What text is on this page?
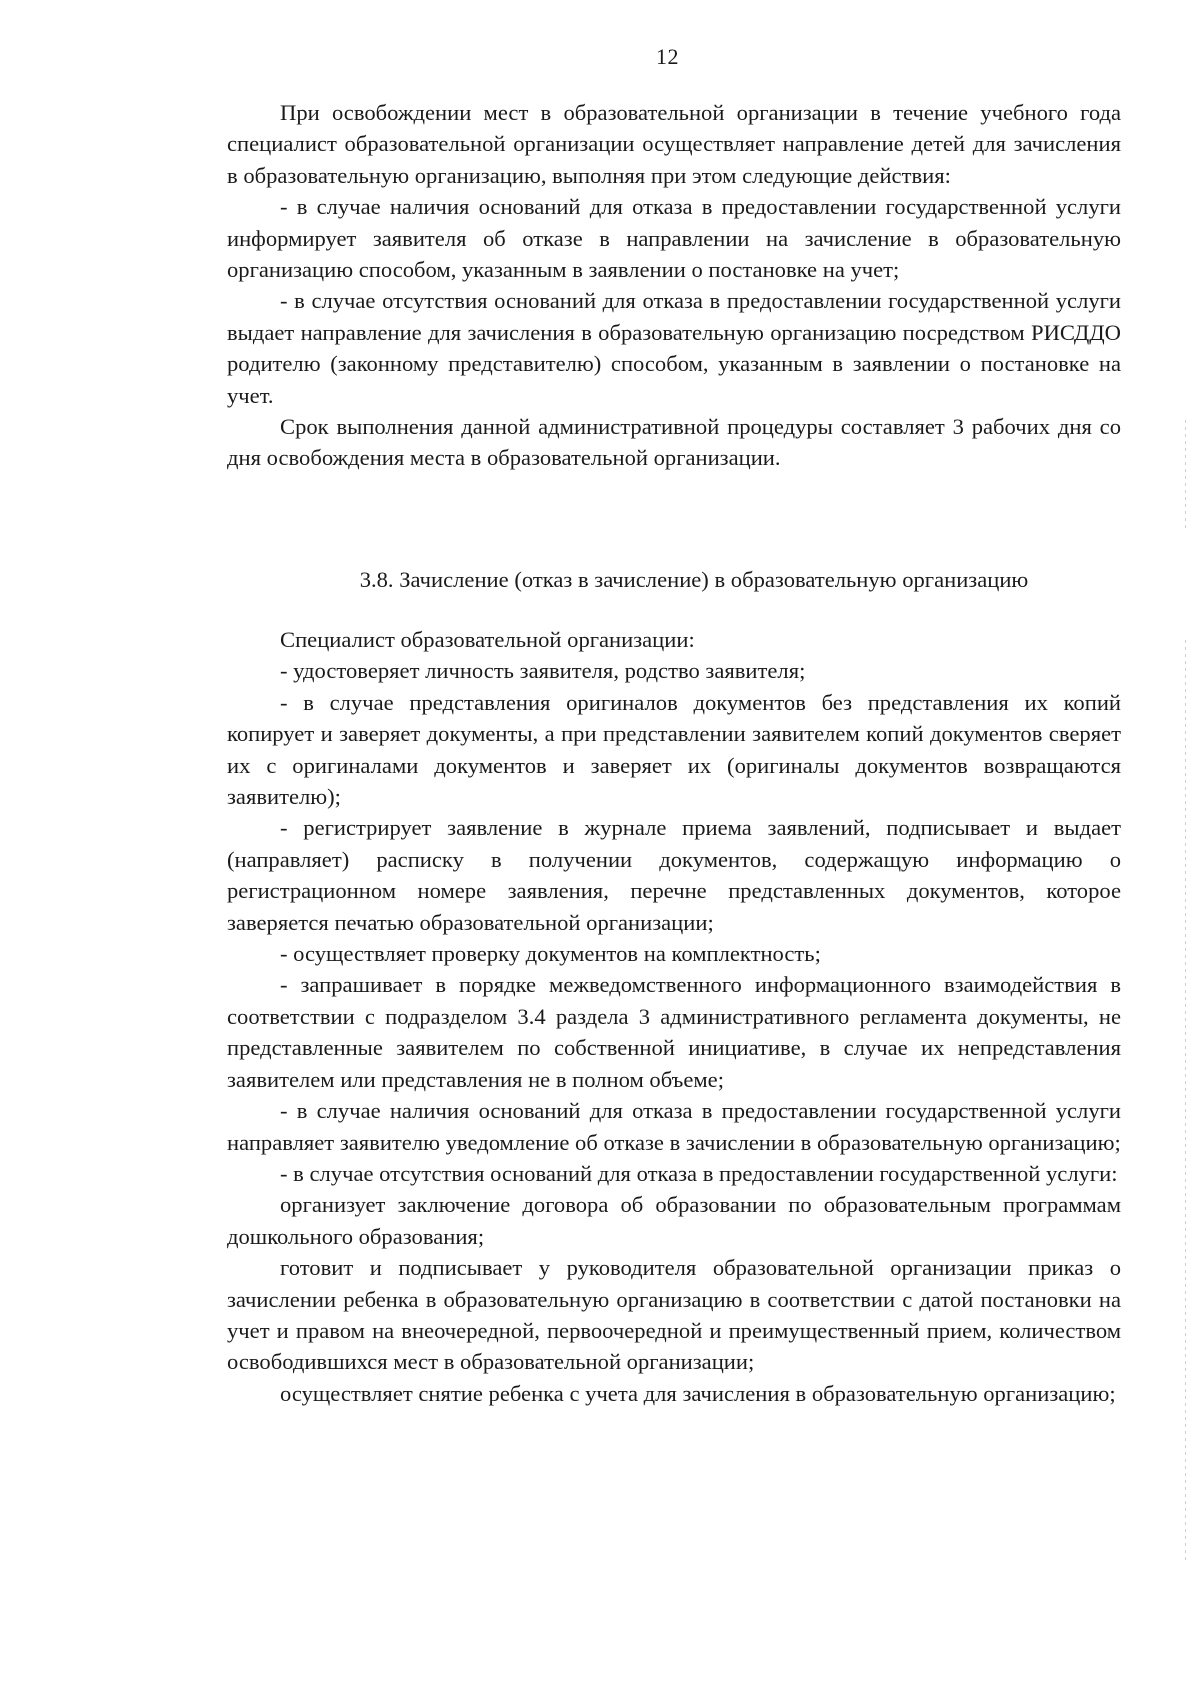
12

При освобождении мест в образовательной организации в течение учебного года специалист образовательной организации осуществляет направление детей для зачисления в образовательную организацию, выполняя при этом следующие действия:

- в случае наличия оснований для отказа в предоставлении государственной услуги информирует заявителя об отказе в направлении на зачисление в образовательную организацию способом, указанным в заявлении о постановке на учет;

- в случае отсутствия оснований для отказа в предоставлении государственной услуги выдает направление для зачисления в образовательную организацию посредством РИСДДО родителю (законному представителю) способом, указанным в заявлении о постановке на учет.

Срок выполнения данной административной процедуры составляет 3 рабочих дня со дня освобождения места в образовательной организации.

3.8. Зачисление (отказ в зачисление) в образовательную организацию

Специалист образовательной организации:

- удостоверяет личность заявителя, родство заявителя;

- в случае представления оригиналов документов без представления их копий копирует и заверяет документы, а при представлении заявителем копий документов сверяет их с оригиналами документов и заверяет их (оригиналы документов возвращаются заявителю);

- регистрирует заявление в журнале приема заявлений, подписывает и выдает (направляет) расписку в получении документов, содержащую информацию о регистрационном номере заявления, перечне представленных документов, которое заверяется печатью образовательной организации;

- осуществляет проверку документов на комплектность;

- запрашивает в порядке межведомственного информационного взаимодействия в соответствии с подразделом 3.4 раздела 3 административного регламента документы, не представленные заявителем по собственной инициативе, в случае их непредставления заявителем или представления не в полном объеме;

- в случае наличия оснований для отказа в предоставлении государственной услуги направляет заявителю уведомление об отказе в зачислении в образовательную организацию;

- в случае отсутствия оснований для отказа в предоставлении государственной услуги:

организует заключение договора об образовании по образовательным программам дошкольного образования;

готовит и подписывает у руководителя образовательной организации приказ о зачислении ребенка в образовательную организацию в соответствии с датой постановки на учет и правом на внеочередной, первоочередной и преимущественный прием, количеством освободившихся мест в образовательной организации;

осуществляет снятие ребенка с учета для зачисления в образовательную организацию;
